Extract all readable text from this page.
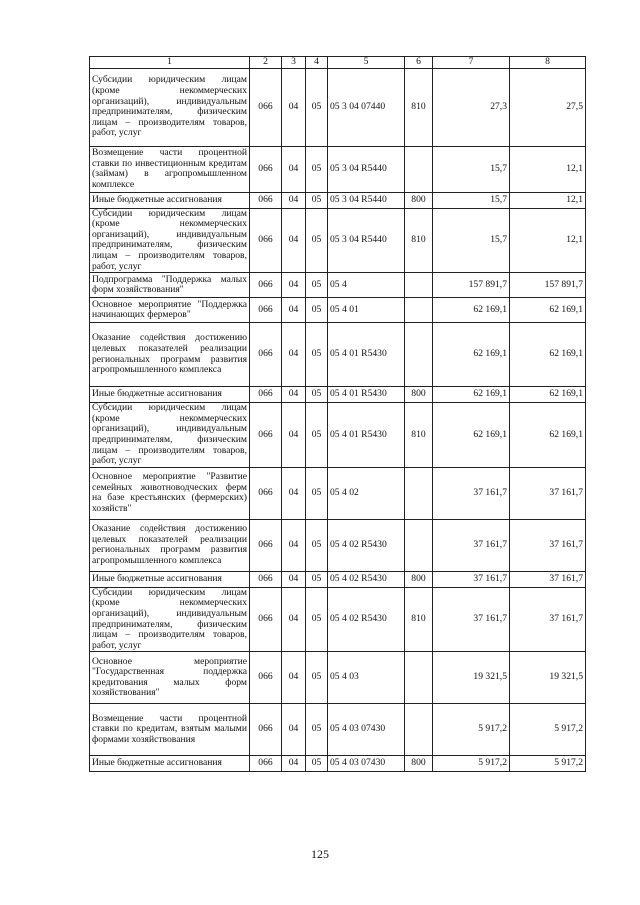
1	2	3	4	5	6	7	8
Субсидии юридическим лицам (кроме некоммерческих организаций), индивидуальным предпринимателям, физическим лицам – производителям товаров, работ, услуг	066	04	05	05 3 04 07440	810	27,3	27,5
Возмещение части процентной ставки по инвестиционным кредитам (займам) в агропромышленном комплексе	066	04	05	05 3 04 R5440		15,7	12,1
Иные бюджетные ассигнования	066	04	05	05 3 04 R5440	800	15,7	12,1
Субсидии юридическим лицам (кроме некоммерческих организаций), индивидуальным предпринимателям, физическим лицам – производителям товаров, работ, услуг	066	04	05	05 3 04 R5440	810	15,7	12,1
Подпрограмма "Поддержка малых форм хозяйствования"	066	04	05	05 4		157 891,7	157 891,7
Основное мероприятие "Поддержка начинающих фермеров"	066	04	05	05 4 01		62 169,1	62 169,1
Оказание содействия достижению целевых показателей реализации региональных программ развития агропромышленного комплекса	066	04	05	05 4 01 R5430		62 169,1	62 169,1
Иные бюджетные ассигнования	066	04	05	05 4 01 R5430	800	62 169,1	62 169,1
Субсидии юридическим лицам (кроме некоммерческих организаций), индивидуальным предпринимателям, физическим лицам – производителям товаров, работ, услуг	066	04	05	05 4 01 R5430	810	62 169,1	62 169,1
Основное мероприятие "Развитие семейных животноводческих ферм на базе крестьянских (фермерских) хозяйств"	066	04	05	05 4 02		37 161,7	37 161,7
Оказание содействия достижению целевых показателей реализации региональных программ развития агропромышленного комплекса	066	04	05	05 4 02 R5430		37 161,7	37 161,7
Иные бюджетные ассигнования	066	04	05	05 4 02 R5430	800	37 161,7	37 161,7
Субсидии юридическим лицам (кроме некоммерческих организаций), индивидуальным предпринимателям, физическим лицам – производителям товаров, работ, услуг	066	04	05	05 4 02 R5430	810	37 161,7	37 161,7
Основное мероприятие "Государственная поддержка кредитования малых форм хозяйствования"	066	04	05	05 4 03		19 321,5	19 321,5
Возмещение части процентной ставки по кредитам, взятым малыми формами хозяйствования	066	04	05	05 4 03 07430		5 917,2	5 917,2
Иные бюджетные ассигнования	066	04	05	05 4 03 07430	800	5 917,2	5 917,2
125
